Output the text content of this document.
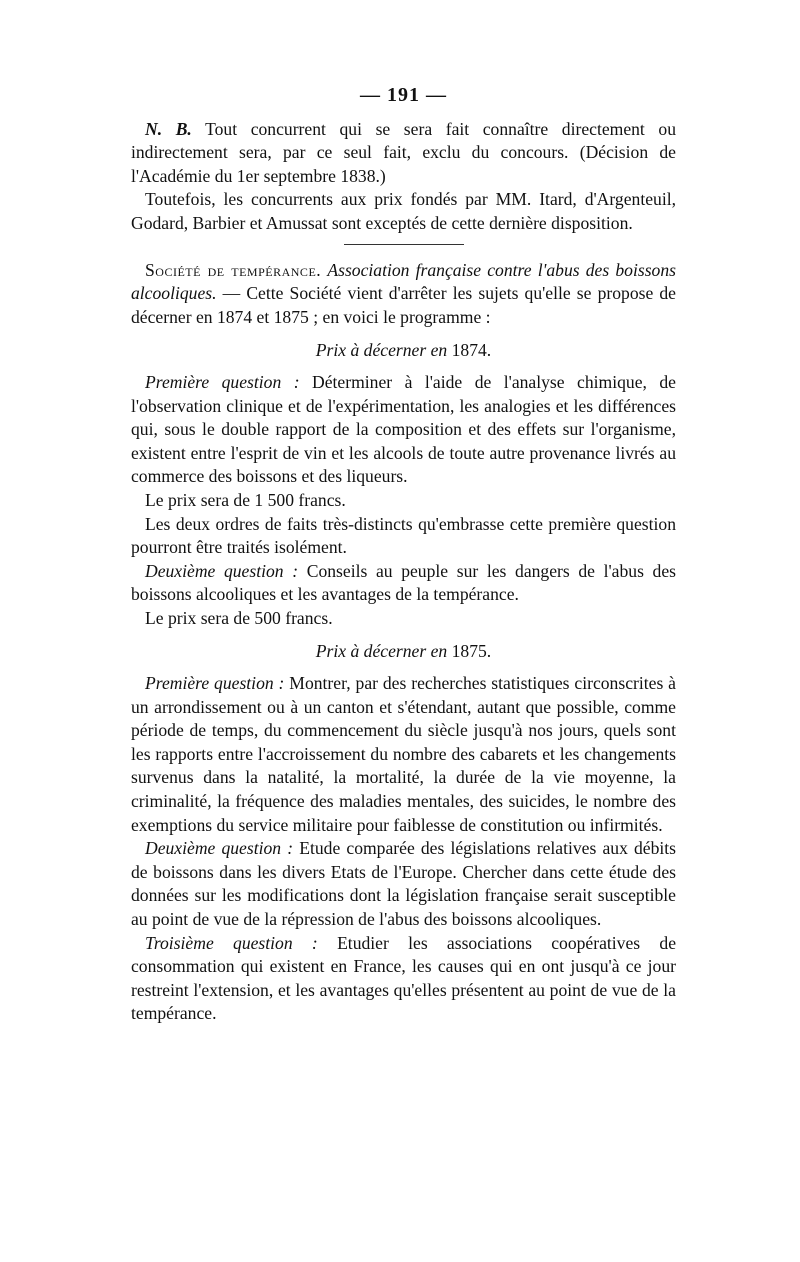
— 191 —

N. B. Tout concurrent qui se sera fait connaître directement ou indirectement sera, par ce seul fait, exclu du concours. (Décision de l'Académie du 1er septembre 1838.)

Toutefois, les concurrents aux prix fondés par MM. Itard, d'Argenteuil, Godard, Barbier et Amussat sont exceptés de cette dernière disposition.

Société de tempérance. Association française contre l'abus des boissons alcooliques. — Cette Société vient d'arrêter les sujets qu'elle se propose de décerner en 1874 et 1875 ; en voici le programme :

Prix à décerner en 1874.

Première question : Déterminer à l'aide de l'analyse chimique, de l'observation clinique et de l'expérimentation, les analogies et les différences qui, sous le double rapport de la composition et des effets sur l'organisme, existent entre l'esprit de vin et les alcools de toute autre provenance livrés au commerce des boissons et des liqueurs.

Le prix sera de 1 500 francs.

Les deux ordres de faits très-distincts qu'embrasse cette première question pourront être traités isolément.

Deuxième question : Conseils au peuple sur les dangers de l'abus des boissons alcooliques et les avantages de la tempérance.

Le prix sera de 500 francs.

Prix à décerner en 1875.

Première question : Montrer, par des recherches statistiques circonscrites à un arrondissement ou à un canton et s'étendant, autant que possible, comme période de temps, du commencement du siècle jusqu'à nos jours, quels sont les rapports entre l'accroissement du nombre des cabarets et les changements survenus dans la natalité, la mortalité, la durée de la vie moyenne, la criminalité, la fréquence des maladies mentales, des suicides, le nombre des exemptions du service militaire pour faiblesse de constitution ou infirmités.

Deuxième question : Etude comparée des législations relatives aux débits de boissons dans les divers Etats de l'Europe. Chercher dans cette étude des données sur les modifications dont la législation française serait susceptible au point de vue de la répression de l'abus des boissons alcooliques.

Troisième question : Etudier les associations coopératives de consommation qui existent en France, les causes qui en ont jusqu'à ce jour restreint l'extension, et les avantages qu'elles présentent au point de vue de la tempérance.
